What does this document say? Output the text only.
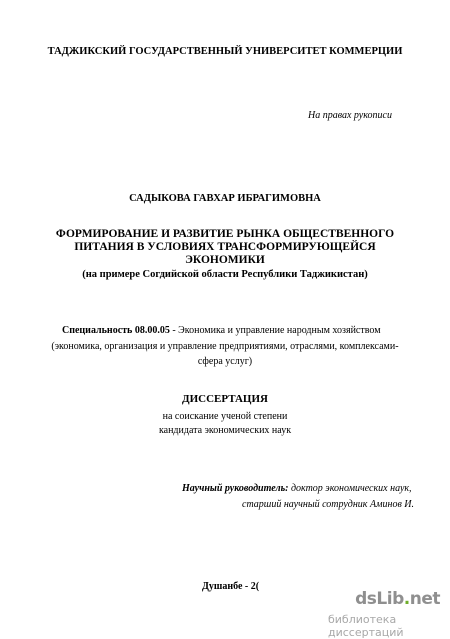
ТАДЖИКСКИЙ ГОСУДАРСТВЕННЫЙ УНИВЕРСИТЕТ КОММЕРЦИИ
На правах рукописи
САДЫКОВА ГАВХАР ИБРАГИМОВНА
ФОРМИРОВАНИЕ И РАЗВИТИЕ РЫНКА ОБЩЕСТВЕННОГО
ПИТАНИЯ В УСЛОВИЯХ ТРАНСФОРМИРУЮЩЕЙСЯ
ЭКОНОМИКИ
(на примере Согдийской области Республики Таджикистан)
Специальность 08.00.05 - Экономика и управление народным хозяйством
(экономика, организация и управление предприятиями, отраслями, комплексами-
сфера услуг)
ДИССЕРТАЦИЯ
на соискание ученой степени
кандидата экономических наук
Научный руководитель: доктор экономических наук,
старший научный сотрудник Аминов И.
Душанбе - 2(
dsLib.net
библиотека диссертаций
